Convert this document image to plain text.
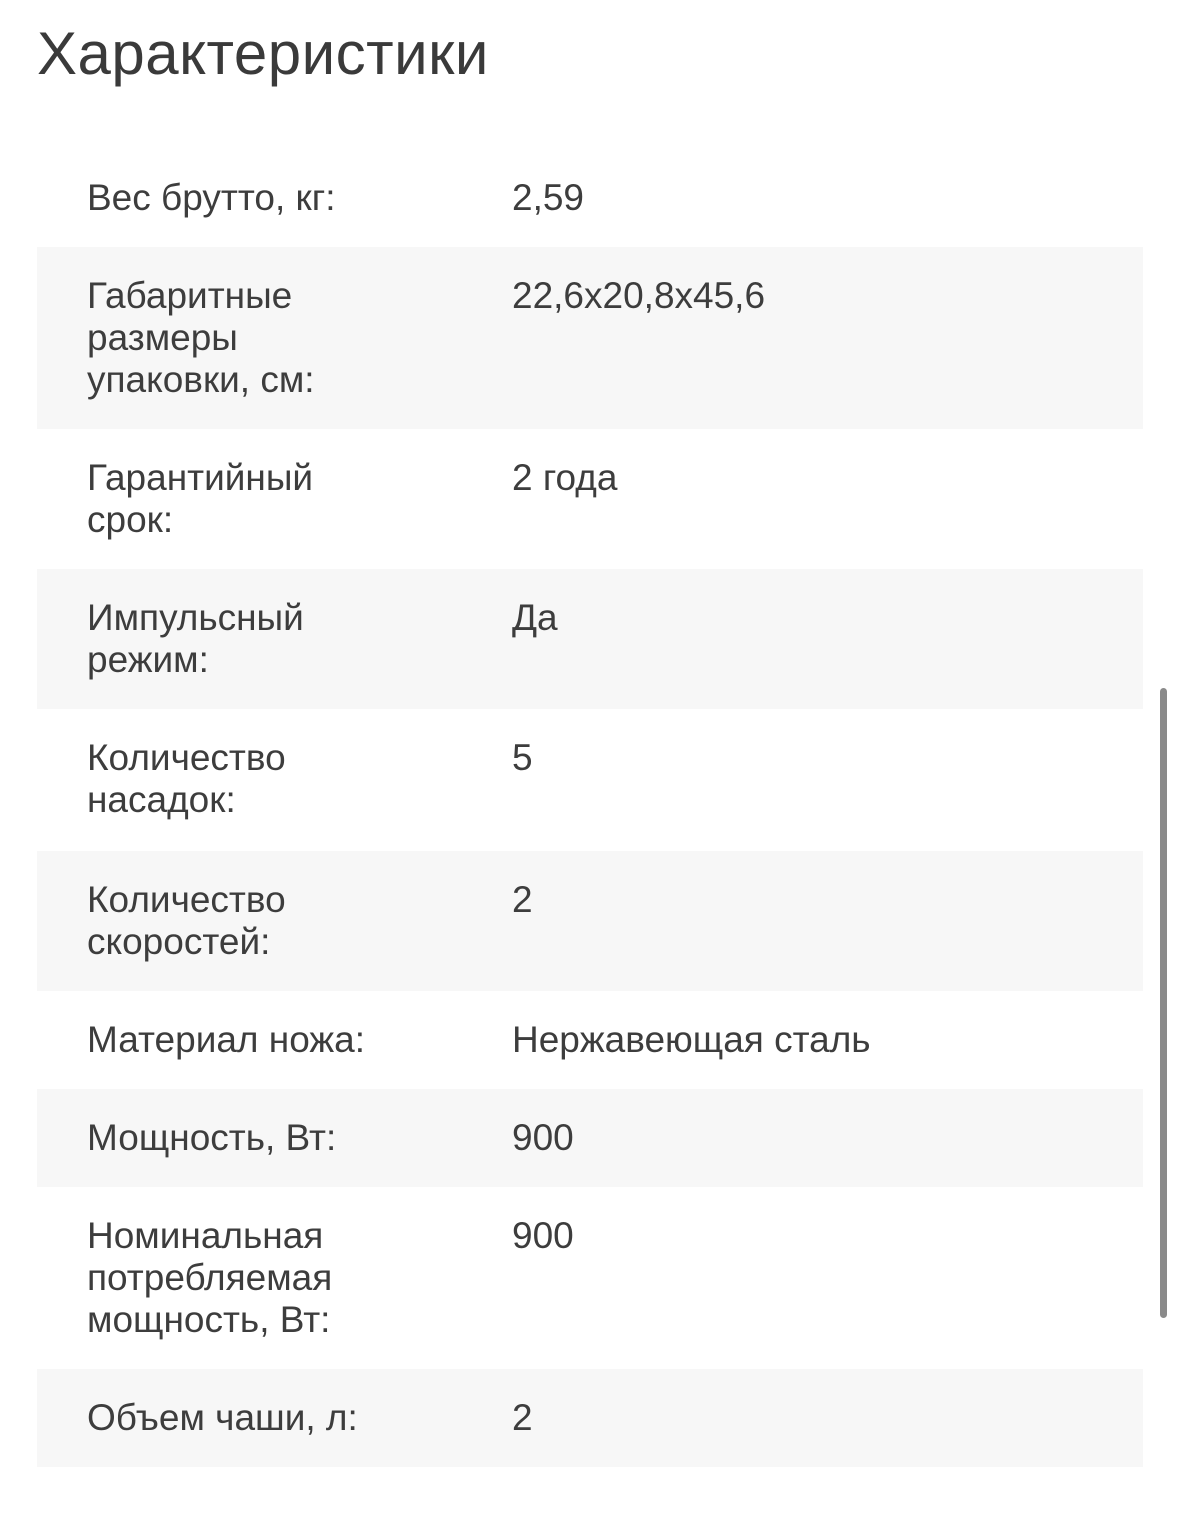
Характеристики
Вес брутто, кг:	2,59
Габаритные размеры упаковки, см:
22,6x20,8x45,6
Гарантийный срок:
2 года
Импульсный режим:
Да
Количество насадок:
5
Количество скоростей:
2
Материал ножа:	Нержавеющая сталь
Мощность, Вт:	900
Номинальная потребляемая мощность, Вт:
900
Объем чаши, л:	2
